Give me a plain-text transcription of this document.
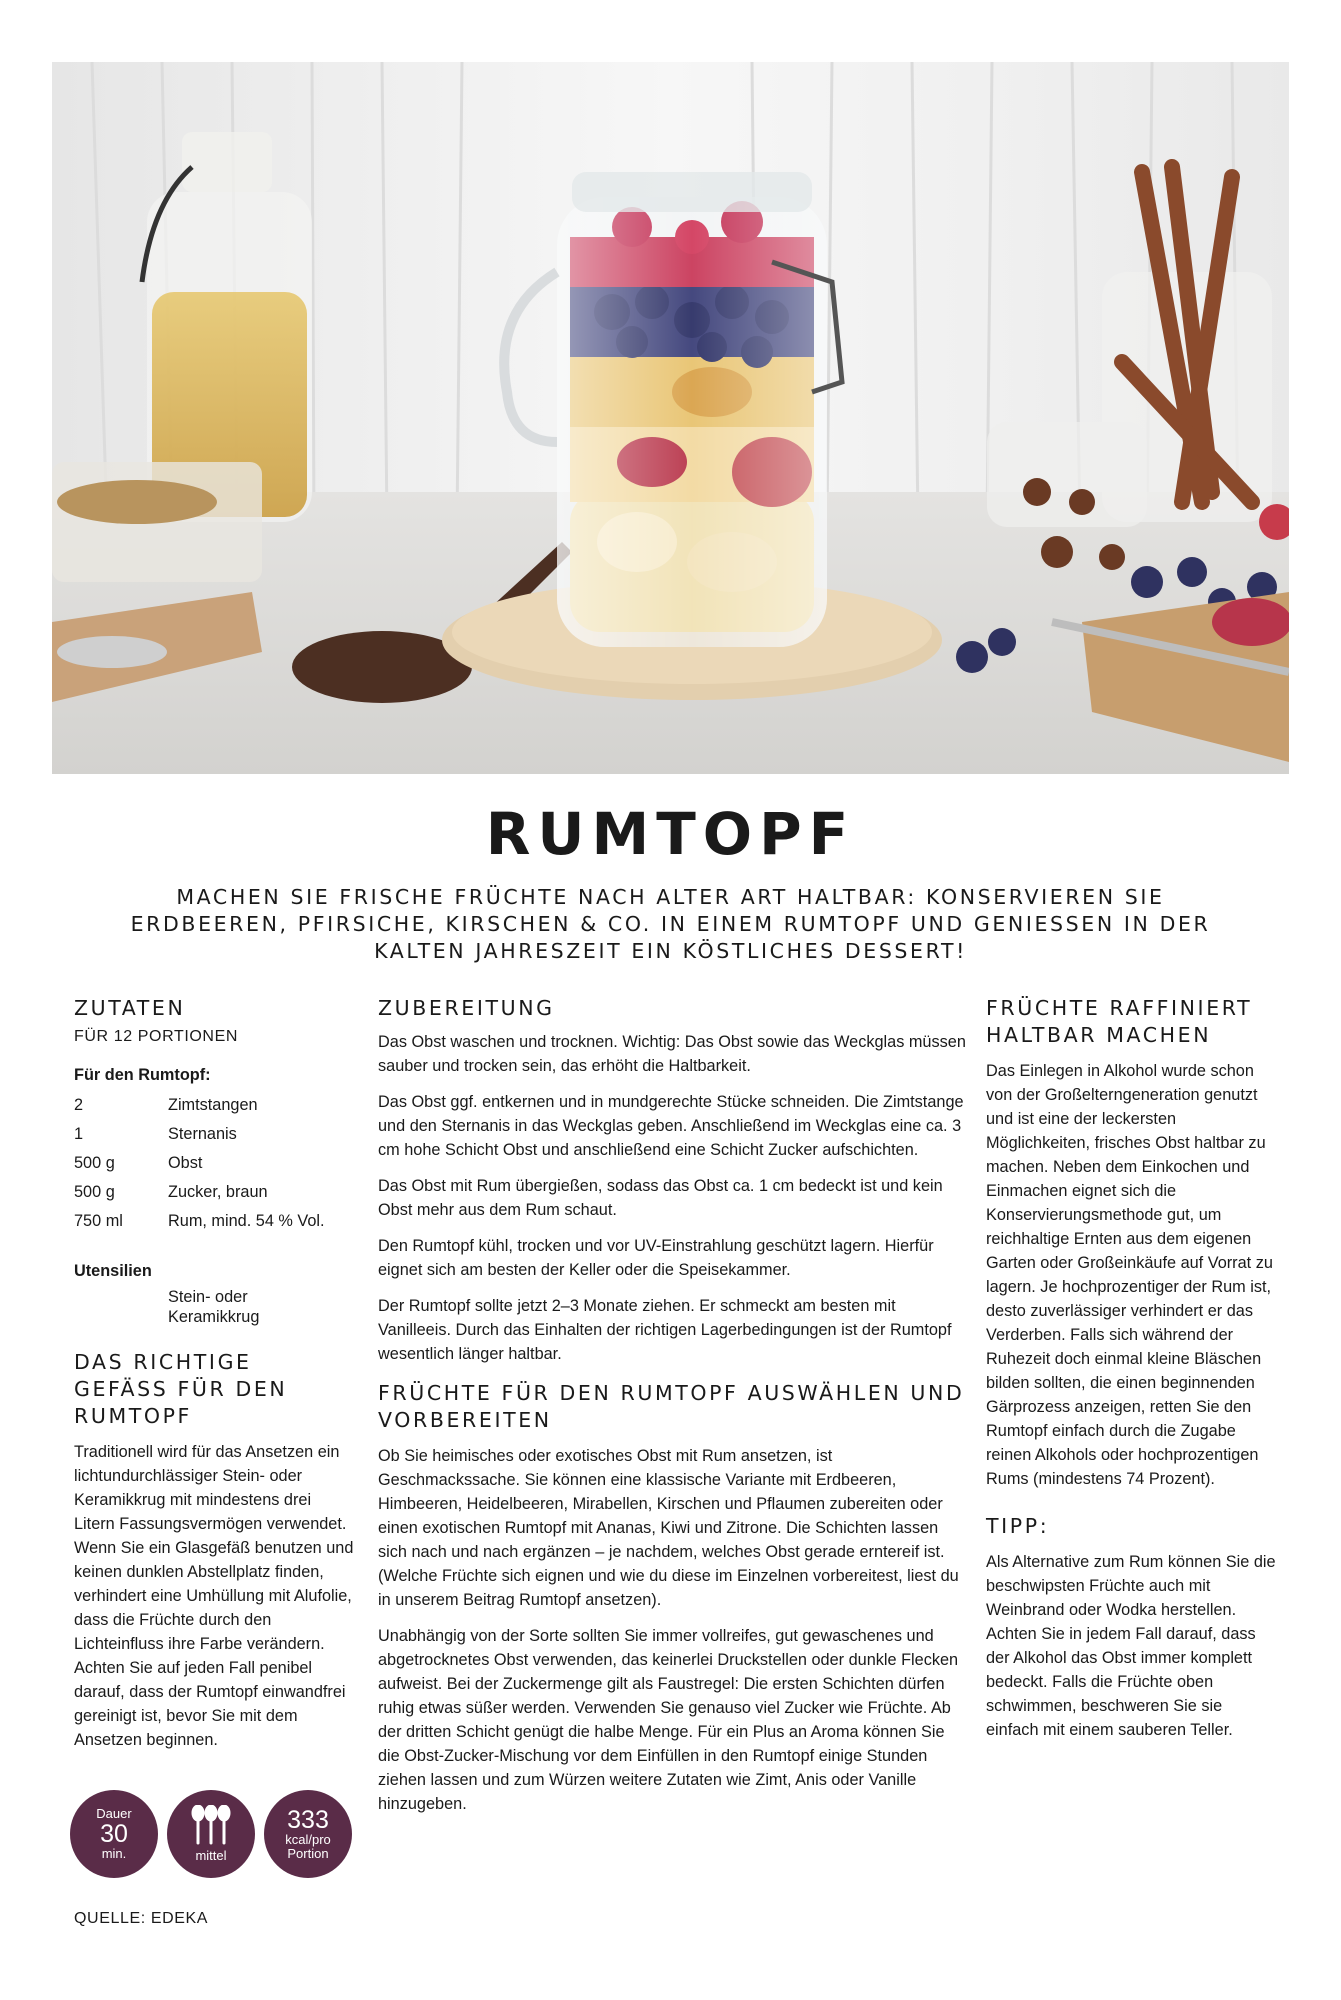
RUMTOPF

MACHEN SIE FRISCHE FRÜCHTE NACH ALTER ART HALTBAR: KONSERVIEREN SIE ERDBEEREN, PFIRSICHE, KIRSCHEN & CO. IN EINEM RUMTOPF UND GENIESSEN IN DER KALTEN JAHRESZEIT EIN KÖSTLICHES DESSERT!

ZUTATEN
FÜR 12 PORTIONEN
Für den Rumtopf:
2	Zimtstangen
1	Sternanis
500 g	Obst
500 g	Zucker, braun
750 ml	Rum, mind. 54 % Vol.
Utensilien
Stein- oder Keramikkrug
DAS RICHTIGE GEFÄSS FÜR DEN RUMTOPF

Traditionell wird für das Ansetzen ein lichtundurchlässiger Stein- oder Keramikkrug mit mindestens drei Litern Fassungsvermögen verwendet. Wenn Sie ein Glasgefäß benutzen und keinen dunklen Abstellplatz finden, verhindert eine Umhüllung mit Alufolie, dass die Früchte durch den Lichteinfluss ihre Farbe verändern. Achten Sie auf jeden Fall penibel darauf, dass der Rumtopf einwandfrei gereinigt ist, bevor Sie mit dem Ansetzen beginnen.

Dauer
30
min.	mittel
333
kcal/pro
Portion
QUELLE: EDEKA
ZUBEREITUNG

Das Obst waschen und trocknen. Wichtig: Das Obst sowie das Weckglas müssen sauber und trocken sein, das erhöht die Haltbarkeit.

Das Obst ggf. entkernen und in mundgerechte Stücke schneiden. Die Zimtstange und den Sternanis in das Weckglas geben. Anschließend im Weckglas eine ca. 3 cm hohe Schicht Obst und anschließend eine Schicht Zucker aufschichten.

Das Obst mit Rum übergießen, sodass das Obst ca. 1 cm bedeckt ist und kein Obst mehr aus dem Rum schaut.

Den Rumtopf kühl, trocken und vor UV-Einstrahlung geschützt lagern. Hierfür eignet sich am besten der Keller oder die Speisekammer.

Der Rumtopf sollte jetzt 2–3 Monate ziehen. Er schmeckt am besten mit Vanilleeis. Durch das Einhalten der richtigen Lagerbedingungen ist der Rumtopf wesentlich länger haltbar.

FRÜCHTE FÜR DEN RUMTOPF AUSWÄHLEN UND VORBEREITEN

Ob Sie heimisches oder exotisches Obst mit Rum ansetzen, ist Geschmackssache. Sie können eine klassische Variante mit Erdbeeren, Himbeeren, Heidelbeeren, Mirabellen, Kirschen und Pflaumen zubereiten oder einen exotischen Rumtopf mit Ananas, Kiwi und Zitrone. Die Schichten lassen sich nach und nach ergänzen – je nachdem, welches Obst gerade erntereif ist. (Welche Früchte sich eignen und wie du diese im Einzelnen vorbereitest, liest du in unserem Beitrag Rumtopf ansetzen).

Unabhängig von der Sorte sollten Sie immer vollreifes, gut gewaschenes und abgetrocknetes Obst verwenden, das keinerlei Druckstellen oder dunkle Flecken aufweist. Bei der Zuckermenge gilt als Faustregel: Die ersten Schichten dürfen ruhig etwas süßer werden. Verwenden Sie genauso viel Zucker wie Früchte. Ab der dritten Schicht genügt die halbe Menge. Für ein Plus an Aroma können Sie die Obst-Zucker-Mischung vor dem Einfüllen in den Rumtopf einige Stunden ziehen lassen und zum Würzen weitere Zutaten wie Zimt, Anis oder Vanille hinzugeben.

FRÜCHTE RAFFINIERT HALTBAR MACHEN

Das Einlegen in Alkohol wurde schon von der Großelterngeneration genutzt und ist eine der leckersten Möglichkeiten, frisches Obst haltbar zu machen. Neben dem Einkochen und Einmachen eignet sich die Konservierungsmethode gut, um reichhaltige Ernten aus dem eigenen Garten oder Großeinkäufe auf Vorrat zu lagern. Je hochprozentiger der Rum ist, desto zuverlässiger verhindert er das Verderben. Falls sich während der Ruhezeit doch einmal kleine Bläschen bilden sollten, die einen beginnenden Gärprozess anzeigen, retten Sie den Rumtopf einfach durch die Zugabe reinen Alkohols oder hochprozentigen Rums (mindestens 74 Prozent).

TIPP:

Als Alternative zum Rum können Sie die beschwipsten Früchte auch mit Weinbrand oder Wodka herstellen. Achten Sie in jedem Fall darauf, dass der Alkohol das Obst immer komplett bedeckt. Falls die Früchte oben schwimmen, beschweren Sie sie einfach mit einem sauberen Teller.
